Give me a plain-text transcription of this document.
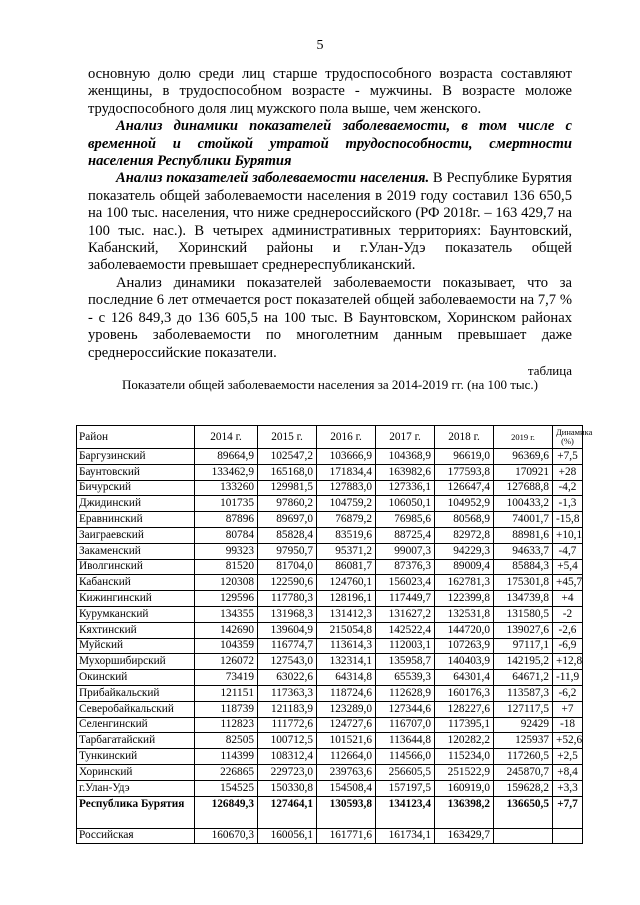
5

основную долю среди лиц старше трудоспособного возраста составляют женщины, в трудоспособном возрасте - мужчины. В возрасте моложе трудоспособного доля лиц мужского пола выше, чем женского.

Анализ динамики показателей заболеваемости, в том числе с временной и стойкой утратой трудоспособности, смертности населения Республики Бурятия

Анализ показателей заболеваемости населения. В Республике Бурятия показатель общей заболеваемости населения в 2019 году составил 136 650,5 на 100 тыс. населения, что ниже среднероссийского (РФ 2018г. – 163 429,7 на 100 тыс. нас.). В четырех административных территориях: Баунтовский, Кабанский, Хоринский районы и г.Улан-Удэ показатель общей заболеваемости превышает среднереспубликанский.

Анализ динамики показателей заболеваемости показывает, что за последние 6 лет отмечается рост показателей общей заболеваемости на 7,7 % - с 126 849,3 до 136 605,5 на 100 тыс. В Баунтовском, Хоринском районах уровень заболеваемости по многолетним данным превышает даже среднероссийские показатели.

таблица
Показатели общей заболеваемости населения за 2014-2019 гг. (на 100 тыс.)
Район	2014 г.	2015 г.	2016 г.	2017 г.	2018 г.	2019 г.	Динамика (%)
Баргузинский	89664,9	102547,2	103666,9	104368,9	96619,0	96369,6	+7,5
Баунтовский	133462,9	165168,0	171834,4	163982,6	177593,8	170921	+28
Бичурский	133260	129981,5	127883,0	127336,1	126647,4	127688,8	-4,2
Джидинский	101735	97860,2	104759,2	106050,1	104952,9	100433,2	-1,3
Еравнинский	87896	89697,0	76879,2	76985,6	80568,9	74001,7	-15,8
Заиграевский	80784	85828,4	83519,6	88725,4	82972,8	88981,6	+10,1
Закаменский	99323	97950,7	95371,2	99007,3	94229,3	94633,7	-4,7
Иволгинский	81520	81704,0	86081,7	87376,3	89009,4	85884,3	+5,4
Кабанский	120308	122590,6	124760,1	156023,4	162781,3	175301,8	+45,7
Кижингинский	129596	117780,3	128196,1	117449,7	122399,8	134739,8	+4
Курумканский	134355	131968,3	131412,3	131627,2	132531,8	131580,5	-2
Кяхтинский	142690	139604,9	215054,8	142522,4	144720,0	139027,6	-2,6
Муйский	104359	116774,7	113614,3	112003,1	107263,9	97117,1	-6,9
Мухоршибирский	126072	127543,0	132314,1	135958,7	140403,9	142195,2	+12,8
Окинский	73419	63022,6	64314,8	65539,3	64301,4	64671,2	-11,9
Прибайкальский	121151	117363,3	118724,6	112628,9	160176,3	113587,3	-6,2
Северобайкальский	118739	121183,9	123289,0	127344,6	128227,6	127117,5	+7
Селенгинский	112823	111772,6	124727,6	116707,0	117395,1	92429	-18
Тарбагатайский	82505	100712,5	101521,6	113644,8	120282,2	125937	+52,6
Тункинский	114399	108312,4	112664,0	114566,0	115234,0	117260,5	+2,5
Хоринский	226865	229723,0	239763,6	256605,5	251522,9	245870,7	+8,4
г.Улан-Удэ	154525	150330,8	154508,4	157197,5	160919,0	159628,2	+3,3
Республика Бурятия	126849,3	127464,1	130593,8	134123,4	136398,2	136650,5	+7,7
Российская	160670,3	160056,1	161771,6	161734,1	163429,7		
